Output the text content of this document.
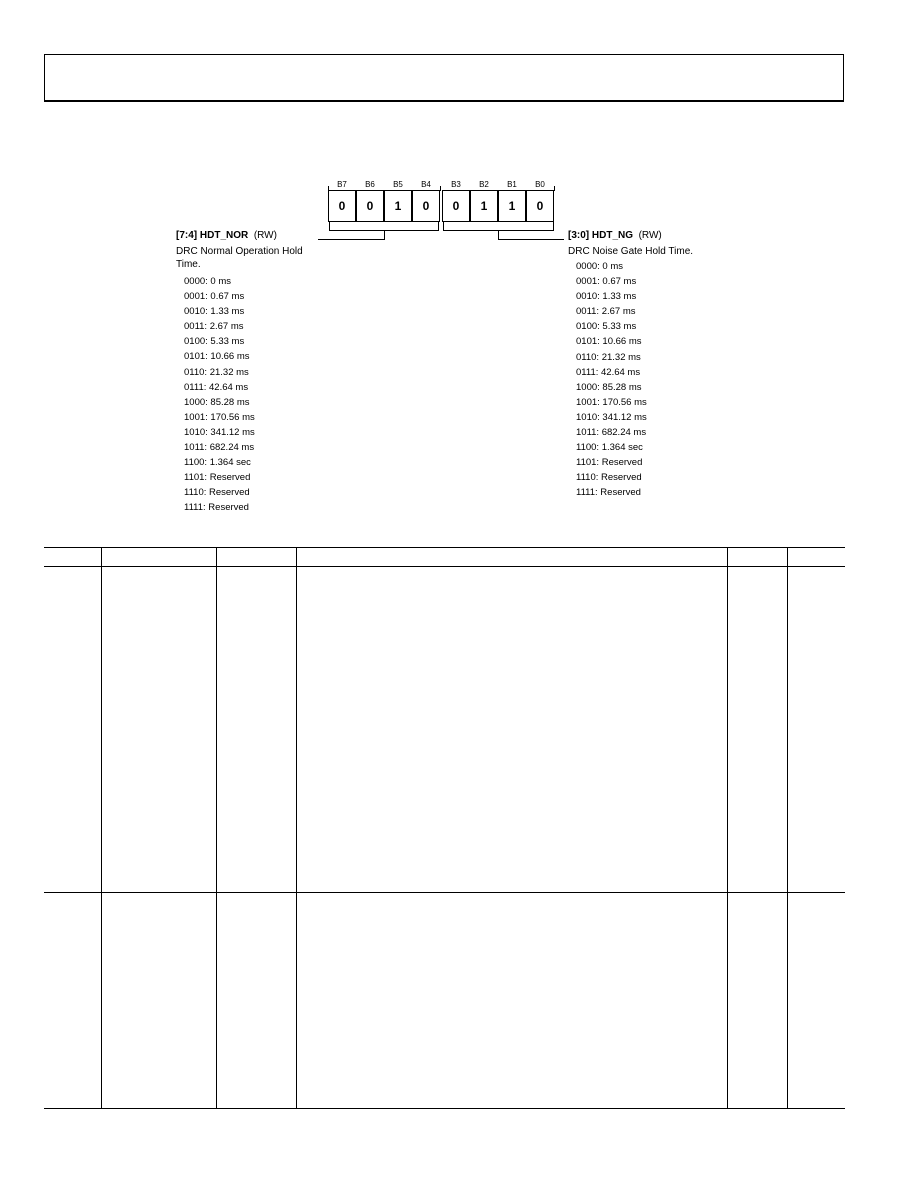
B7	B6	B5	B4	B3	B2	B1	B0
0	0	1	0	0	1	1	0
[7:4] HDT_NOR (RW)
DRC Normal Operation Hold Time.
0000: 0 ms
0001: 0.67 ms
0010: 1.33 ms
0011: 2.67 ms
0100: 5.33 ms
0101: 10.66 ms
0110: 21.32 ms
0111: 42.64 ms
1000: 85.28 ms
1001: 170.56 ms
1010: 341.12 ms
1011: 682.24 ms
1100: 1.364 sec
1101: Reserved
1110: Reserved
1111: Reserved
[3:0] HDT_NG (RW)
DRC Noise Gate Hold Time.
0000: 0 ms
0001: 0.67 ms
0010: 1.33 ms
0011: 2.67 ms
0100: 5.33 ms
0101: 10.66 ms
0110: 21.32 ms
0111: 42.64 ms
1000: 85.28 ms
1001: 170.56 ms
1010: 341.12 ms
1011: 682.24 ms
1100: 1.364 sec
1101: Reserved
1110: Reserved
1111: Reserved
